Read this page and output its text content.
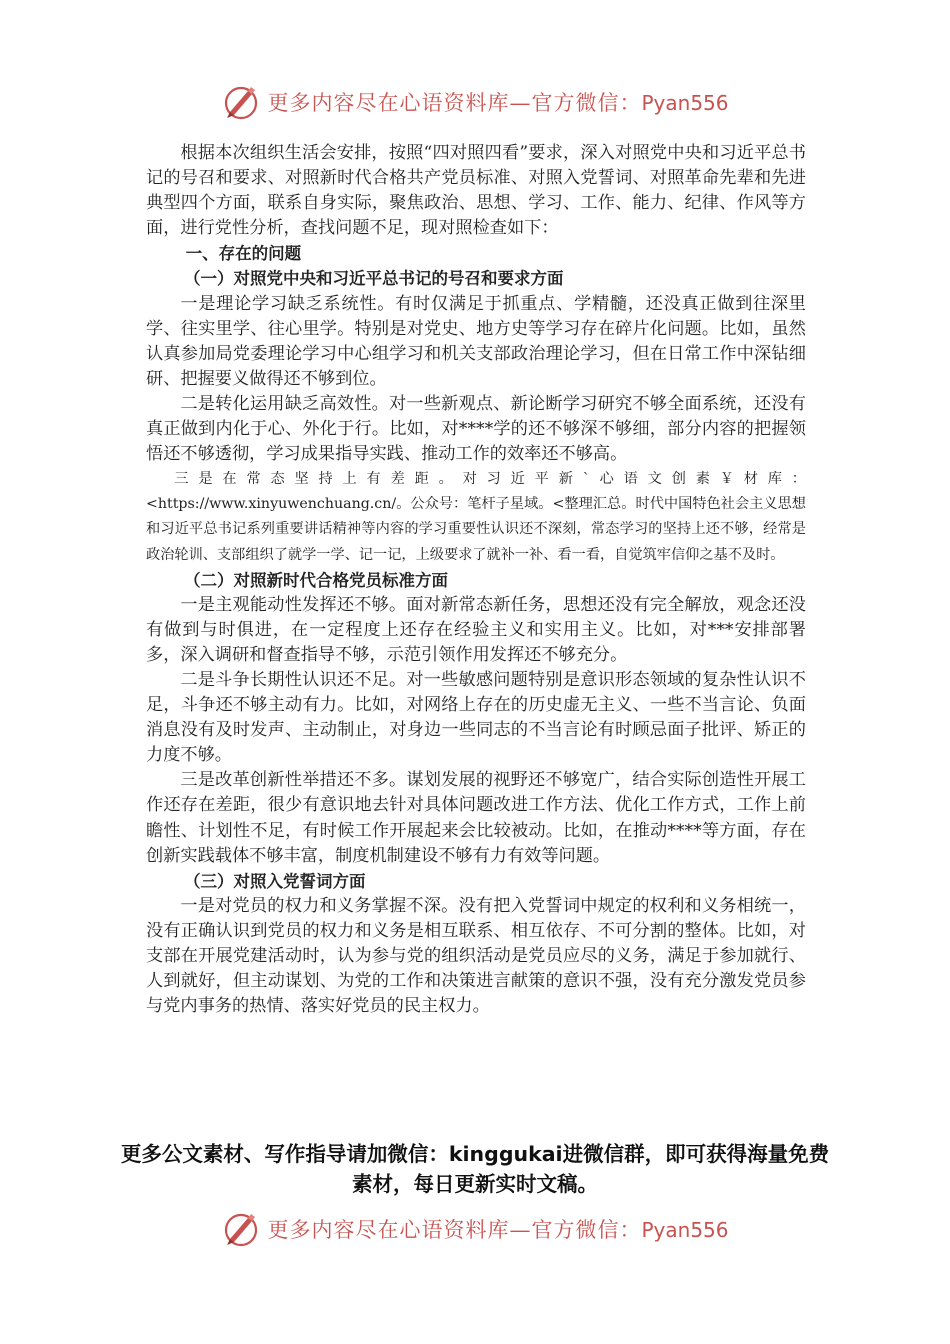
更多内容尽在心语资料库—官方微信：Pyan556

根据本次组织生活会安排，按照“四对照四看”要求，深入对照党中央和习近平总书记的号召和要求、对照新时代合格共产党员标准、对照入党誓词、对照革命先辈和先进典型四个方面，联系自身实际，聚焦政治、思想、学习、工作、能力、纪律、作风等方面，进行党性分析，查找问题不足，现对照检查如下：

一、存在的问题
（一）对照党中央和习近平总书记的号召和要求方面

一是理论学习缺乏系统性。有时仅满足于抓重点、学精髓，还没真正做到往深里学、往实里学、往心里学。特别是对党史、地方史等学习存在碎片化问题。比如，虽然认真参加局党委理论学习中心组学习和机关支部政治理论学习，但在日常工作中深钻细研、把握要义做得还不够到位。

二是转化运用缺乏高效性。对一些新观点、新论断学习研究不够全面系统，还没有真正做到内化于心、外化于行。比如，对****学的还不够深不够细，部分内容的把握领悟还不够透彻，学习成果指导实践、推动工作的效率还不够高。

三是在常态坚持上有差距。对习近平新`心语文创素￥材库：<https://www.xinyuwenchuang.cn/。公众号：笔杆子星域。<整理汇总。时代中国特色社会主义思想和习近平总书记系列重要讲话精神等内容的学习重要性认识还不深刻，常态学习的坚持上还不够，经常是政治轮训、支部组织了就学一学、记一记，上级要求了就补一补、看一看，自觉筑牢信仰之基不及时。

（二）对照新时代合格党员标准方面

一是主观能动性发挥还不够。面对新常态新任务，思想还没有完全解放，观念还没有做到与时俱进，在一定程度上还存在经验主义和实用主义。比如，对***安排部署多，深入调研和督查指导不够，示范引领作用发挥还不够充分。

二是斗争长期性认识还不足。对一些敏感问题特别是意识形态领域的复杂性认识不足，斗争还不够主动有力。比如，对网络上存在的历史虚无主义、一些不当言论、负面消息没有及时发声、主动制止，对身边一些同志的不当言论有时顾忌面子批评、矫正的力度不够。

三是改革创新性举措还不多。谋划发展的视野还不够宽广，结合实际创造性开展工作还存在差距，很少有意识地去针对具体问题改进工作方法、优化工作方式，工作上前瞻性、计划性不足，有时候工作开展起来会比较被动。比如，在推动****等方面，存在创新实践载体不够丰富，制度机制建设不够有力有效等问题。

（三）对照入党誓词方面

一是对党员的权力和义务掌握不深。没有把入党誓词中规定的权利和义务相统一，没有正确认识到党员的权力和义务是相互联系、相互依存、不可分割的整体。比如，对支部在开展党建活动时，认为参与党的组织活动是党员应尽的义务，满足于参加就行、人到就好，但主动谋划、为党的工作和决策进言献策的意识不强，没有充分激发党员参与党内事务的热情、落实好党员的民主权力。

更多公文素材、写作指导请加微信：kinggukai进微信群，即可获得海量免费素材，每日更新实时文稿。
更多内容尽在心语资料库—官方微信：Pyan556
